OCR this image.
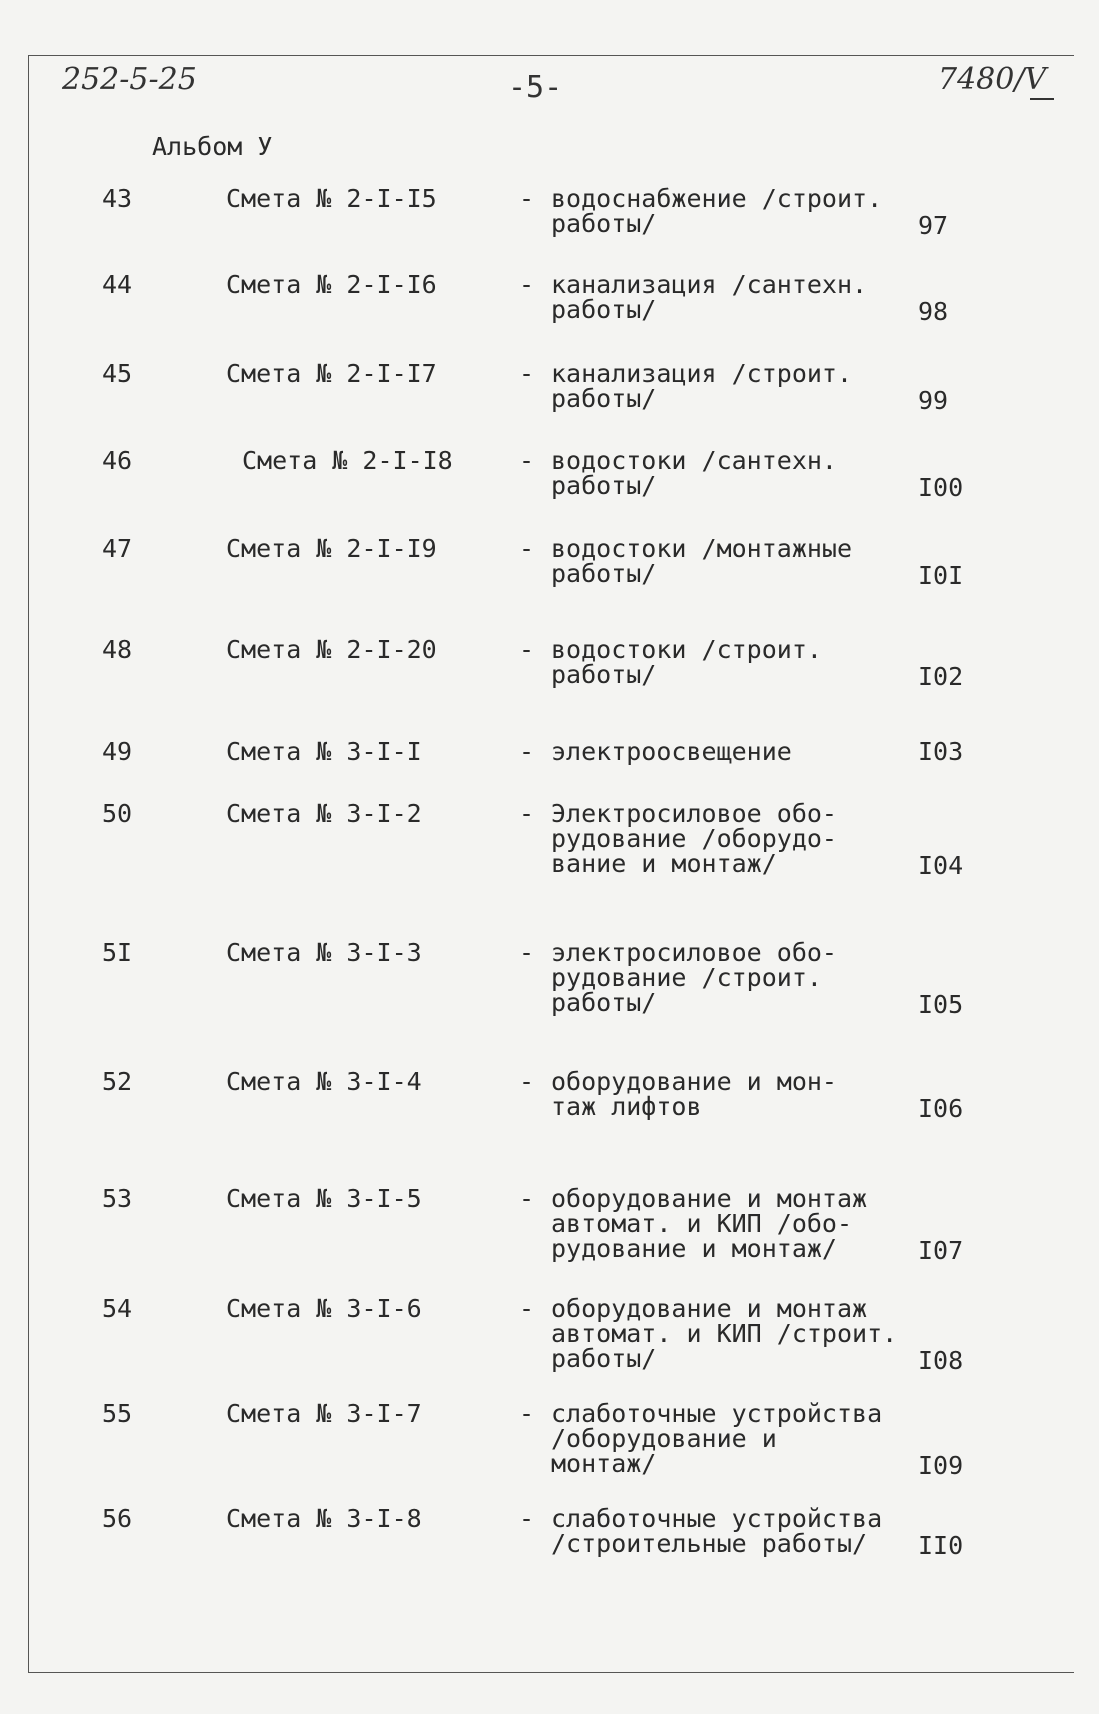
252-5-25	-5-	7480/V
Альбом У
43	Смета № 2-I-I5	- водоснабжение /строит.
работы/	97
44	Смета № 2-I-I6	- канализация /сантехн.
работы/	98
45	Смета № 2-I-I7	- канализация /строит.
работы/	99
46	Смета № 2-I-I8	- водостоки /сантехн.
работы/	I00
47	Смета № 2-I-I9	- водостоки /монтажные
работы/	I0I
48	Смета № 2-I-20	- водостоки /строит.
работы/	I02
49	Смета № 3-I-I	- электроосвещение	I03
50	Смета № 3-I-2	- Электросиловое обо-
рудование /оборудо-
вание и монтаж/	I04
5I	Смета № 3-I-3	- электросиловое обо-
рудование /строит.
работы/	I05
52	Смета № 3-I-4	- оборудование и мон-
таж лифтов	I06
53	Смета № 3-I-5	- оборудование и монтаж
автомат. и КИП /обо-
рудование и монтаж/	I07
54	Смета № 3-I-6	- оборудование и монтаж
автомат. и КИП /строит.
работы/	I08
55	Смета № 3-I-7	- слаботочные устройства
/оборудование и
монтаж/	I09
56	Смета № 3-I-8	- слаботочные устройства
/строительные работы/	II0
